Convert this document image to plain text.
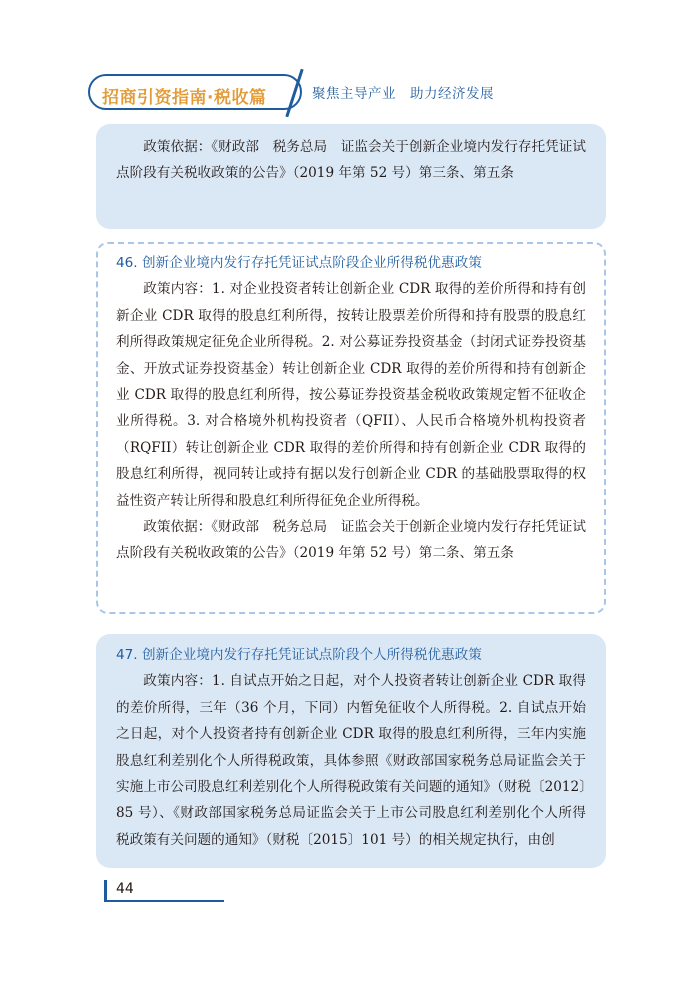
招商引资指南·税收篇	聚焦主导产业　助力经济发展

政策依据：《财政部　税务总局　证监会关于创新企业境内发行存托凭证试点阶段有关税收政策的公告》（2019 年第 52 号）第三条、第五条

46. 创新企业境内发行存托凭证试点阶段企业所得税优惠政策

政策内容：1. 对企业投资者转让创新企业 CDR 取得的差价所得和持有创新企业 CDR 取得的股息红利所得，按转让股票差价所得和持有股票的股息红利所得政策规定征免企业所得税。2. 对公募证券投资基金（封闭式证券投资基金、开放式证券投资基金）转让创新企业 CDR 取得的差价所得和持有创新企业 CDR 取得的股息红利所得，按公募证券投资基金税收政策规定暂不征收企业所得税。3. 对合格境外机构投资者（QFII）、人民币合格境外机构投资者（RQFII）转让创新企业 CDR 取得的差价所得和持有创新企业 CDR 取得的股息红利所得，视同转让或持有据以发行创新企业 CDR 的基础股票取得的权益性资产转让所得和股息红利所得征免企业所得税。

政策依据：《财政部　税务总局　证监会关于创新企业境内发行存托凭证试点阶段有关税收政策的公告》（2019 年第 52 号）第二条、第五条

47. 创新企业境内发行存托凭证试点阶段个人所得税优惠政策

政策内容：1. 自试点开始之日起，对个人投资者转让创新企业 CDR 取得的差价所得，三年（36 个月，下同）内暂免征收个人所得税。2. 自试点开始之日起，对个人投资者持有创新企业 CDR 取得的股息红利所得，三年内实施股息红利差别化个人所得税政策，具体参照《财政部国家税务总局证监会关于实施上市公司股息红利差别化个人所得税政策有关问题的通知》（财税〔2012〕85 号）、《财政部国家税务总局证监会关于上市公司股息红利差别化个人所得税政策有关问题的通知》（财税〔2015〕101 号）的相关规定执行，由创

44
